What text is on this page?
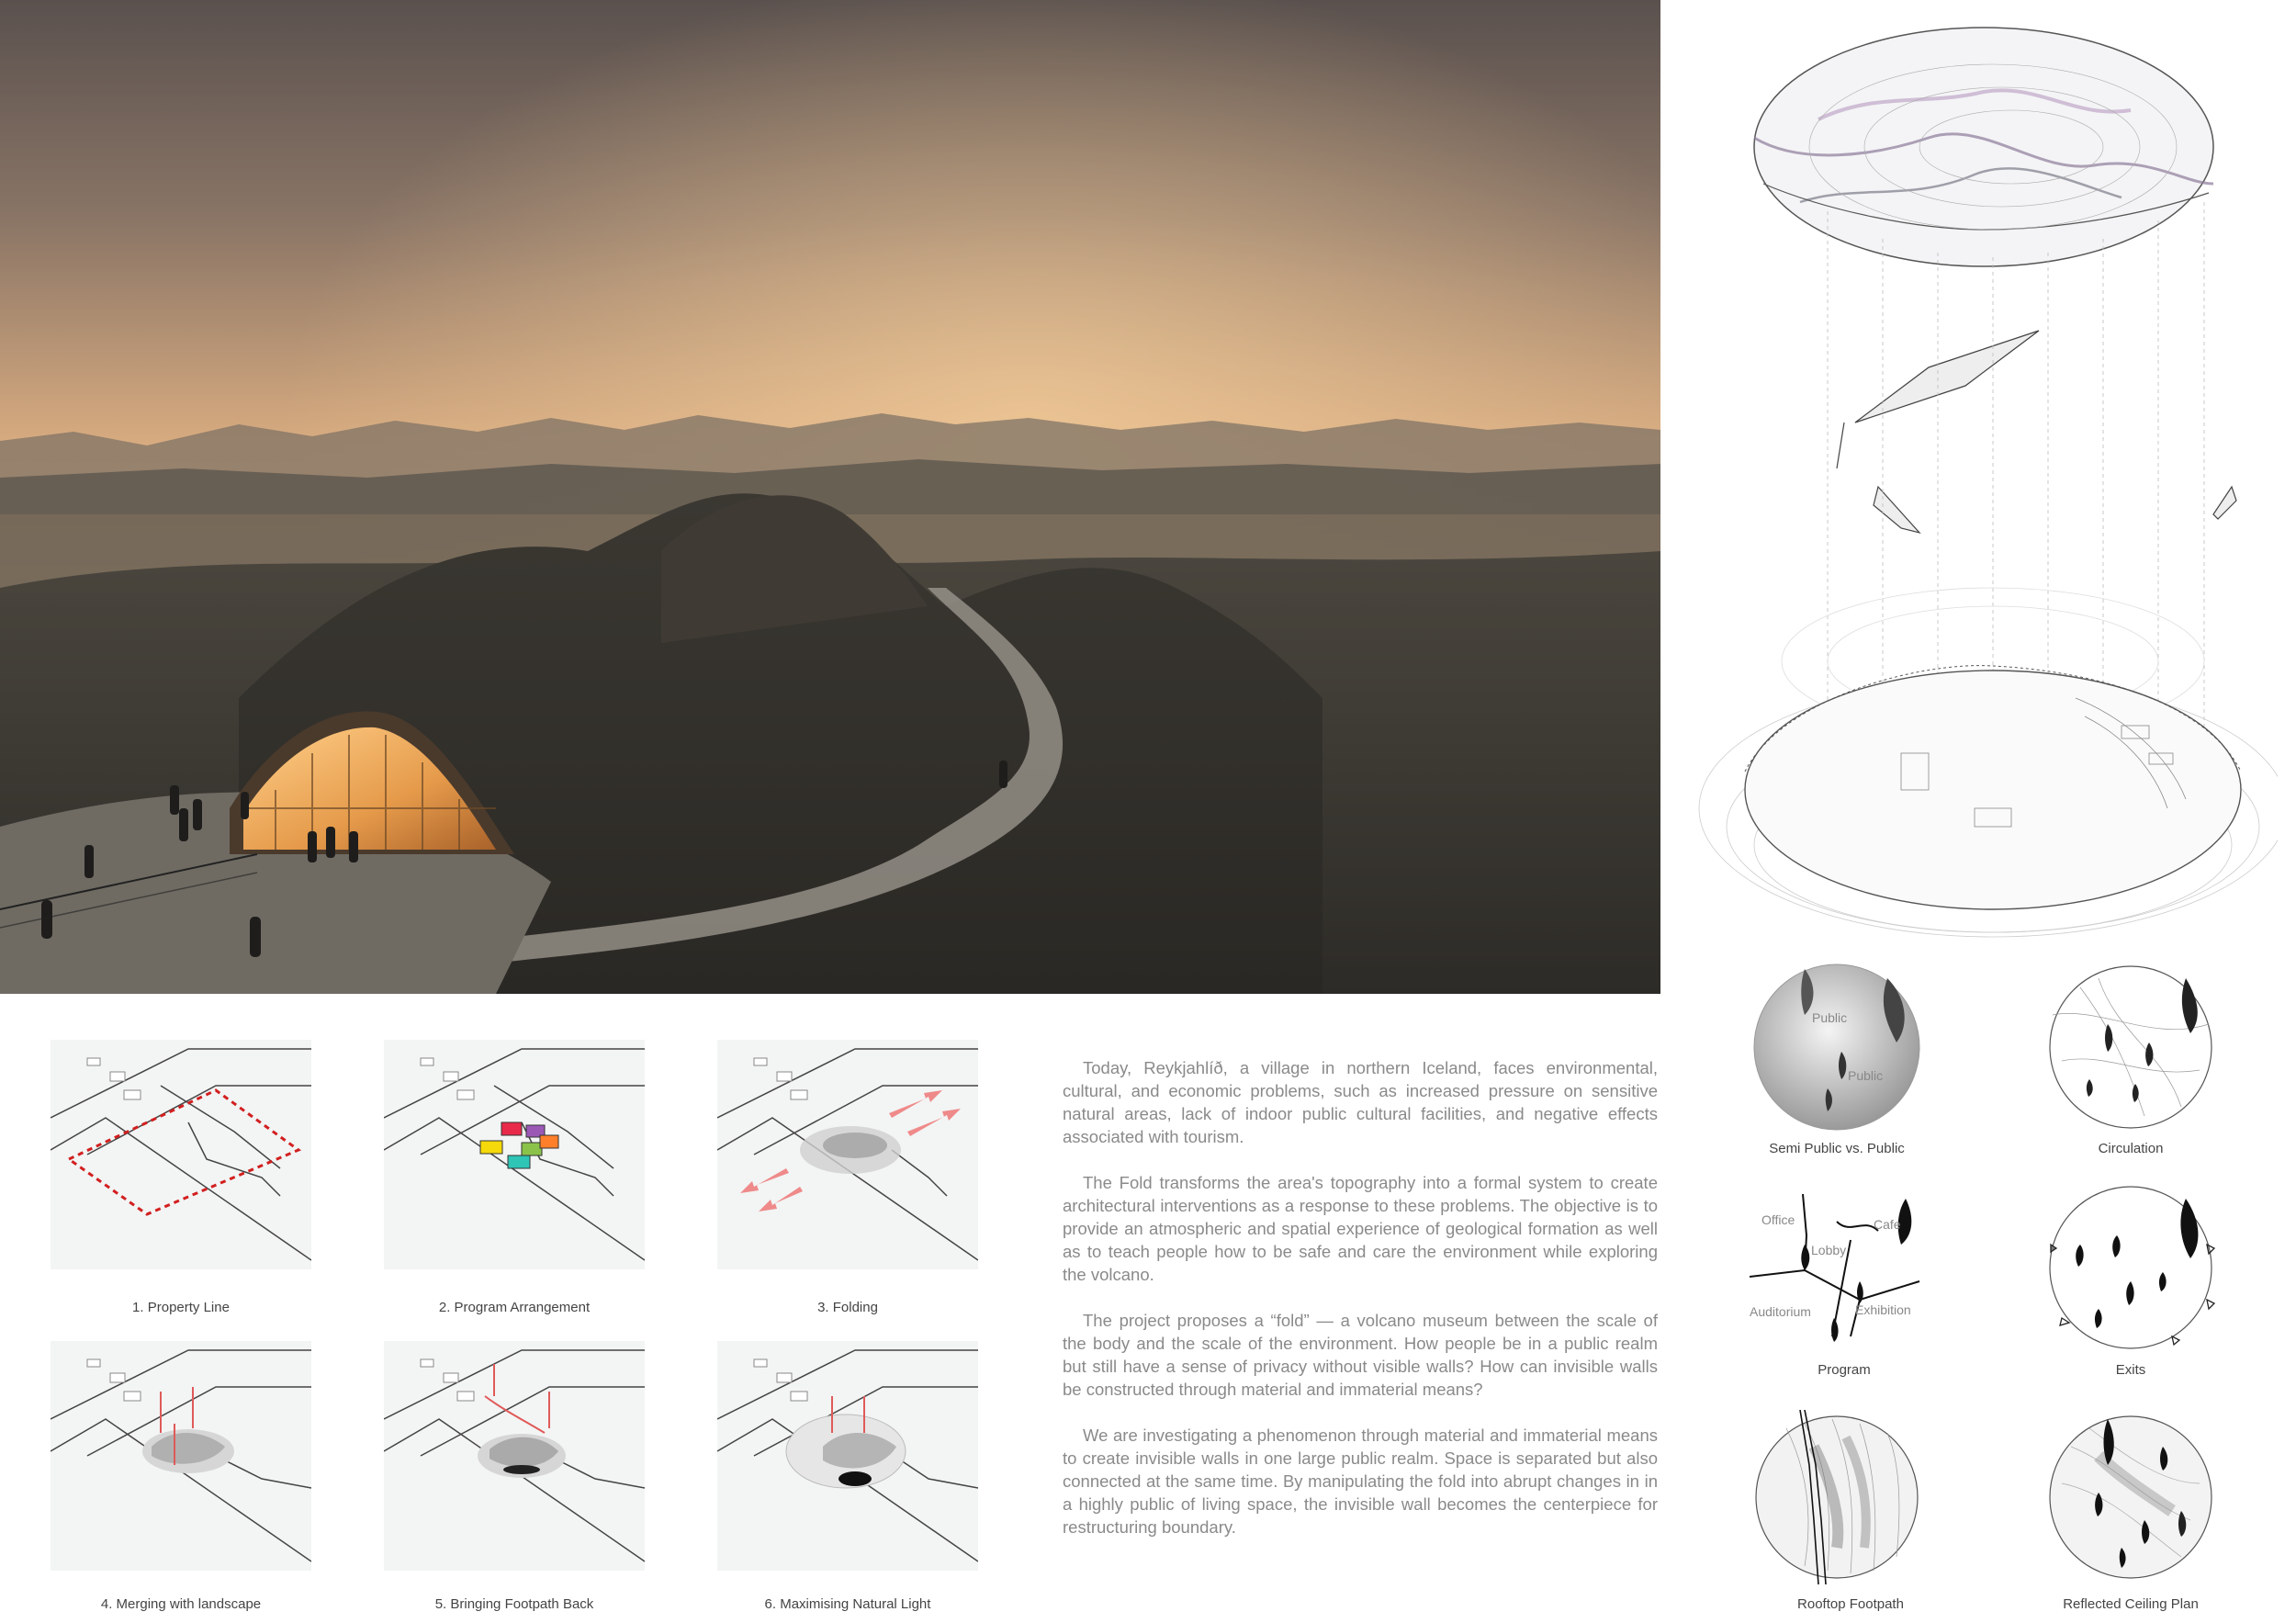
1. Property Line	2. Program Arrangement	3. Folding
4. Merging with landscape	5. Bringing Footpath Back	6. Maximising Natural Light

Today, Reykjahlíð, a village in northern Iceland, faces environmental, cultural, and economic problems, such as increased pressure on sensitive natural areas, lack of indoor public cultural facilities, and negative effects associated with tourism.

The Fold transforms the area's topography into a formal system to create architectural interventions as a response to these problems. The objective is to provide an atmospheric and spatial experience of geological formation as well as to teach people how to be safe and care the environment while exploring the volcano.

The project proposes a “fold” — a volcano museum between the scale of the body and the scale of the environment. How people be in a public realm but still have a sense of privacy without visible walls? How can invisible walls be constructed through material and immaterial means?

We are investigating a phenomenon through material and immaterial means to create invisible walls in one large public realm. Space is separated but also connected at the same time. By manipulating the fold into abrupt changes in in a highly public of living space, the invisible wall becomes the centerpiece for restructuring boundary.

Public
Public
Semi Public vs. Public	Circulation
Office
Lobby
Cafe
Auditorium	Exhibition
Program	Exits
Rooftop Footpath	Reflected Ceiling Plan
